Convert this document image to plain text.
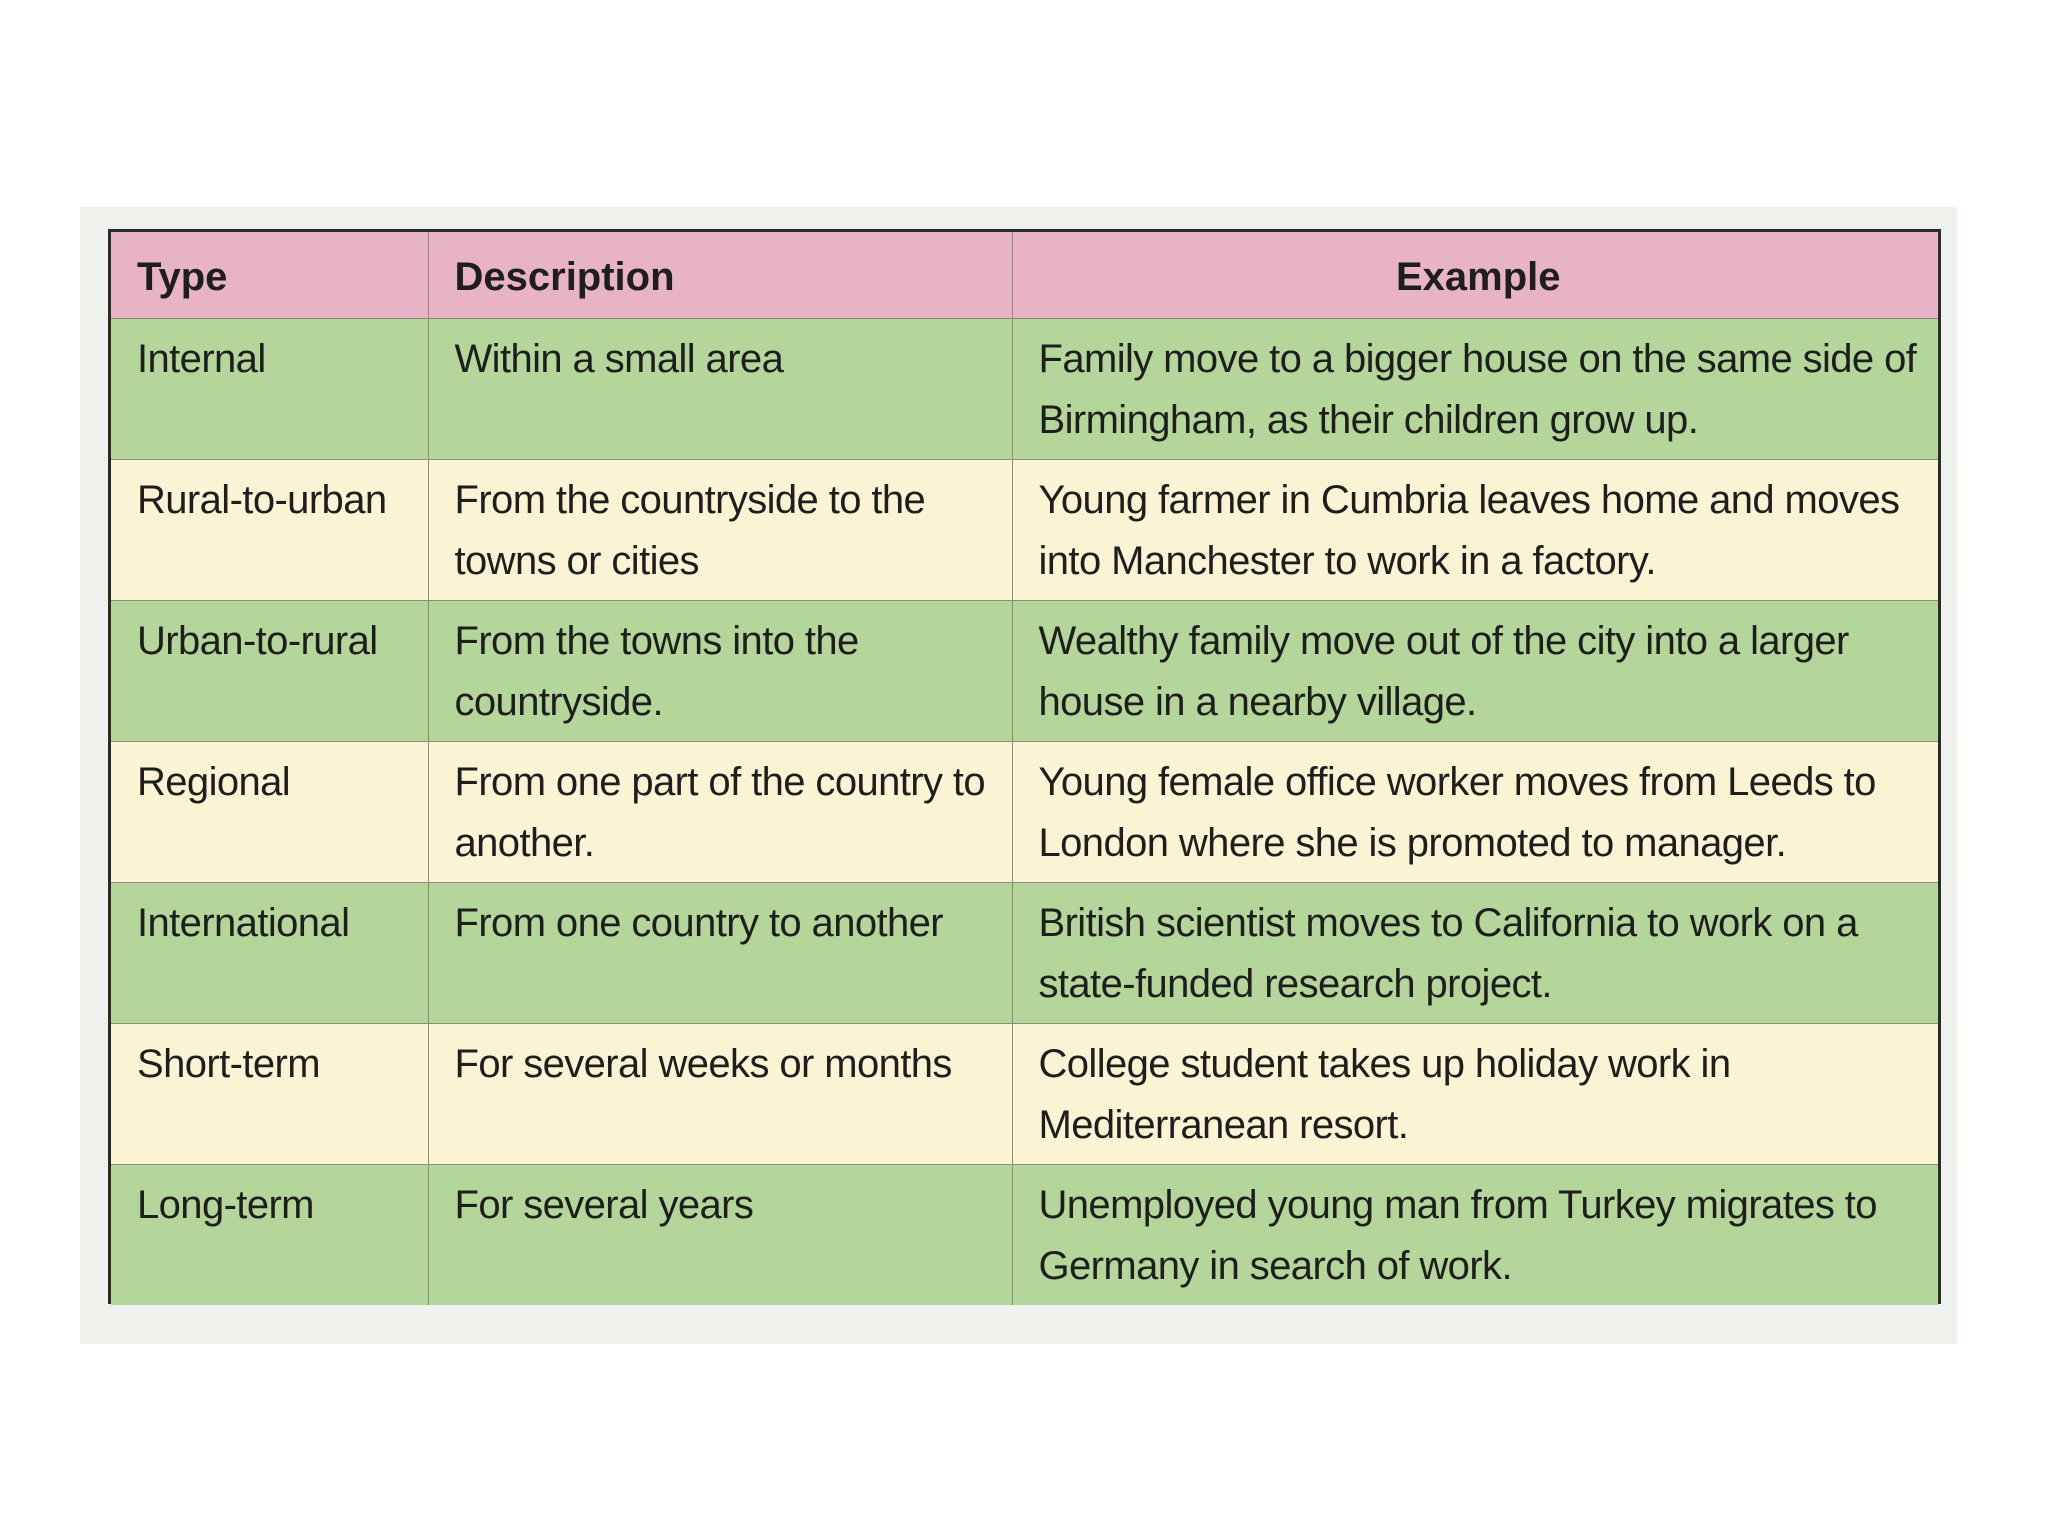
Type	Description	Example

Internal	Within a small area	Family move to a bigger house on the same side of Birmingham, as their children grow up.

Rural-to-urban	From the countryside to the towns or cities	Young farmer in Cumbria leaves home and moves into Manchester to work in a factory.

Urban-to-rural	From the towns into the countryside.	Wealthy family move out of the city into a larger house in a nearby village.

Regional	From one part of the country to another.	Young female office worker moves from Leeds to London where she is promoted to manager.

International	From one country to another	British scientist moves to California to work on a state-funded research project.

Short-term	For several weeks or months	College student takes up holiday work in Mediterranean resort.

Long-term	For several years	Unemployed young man from Turkey migrates to Germany in search of work.
